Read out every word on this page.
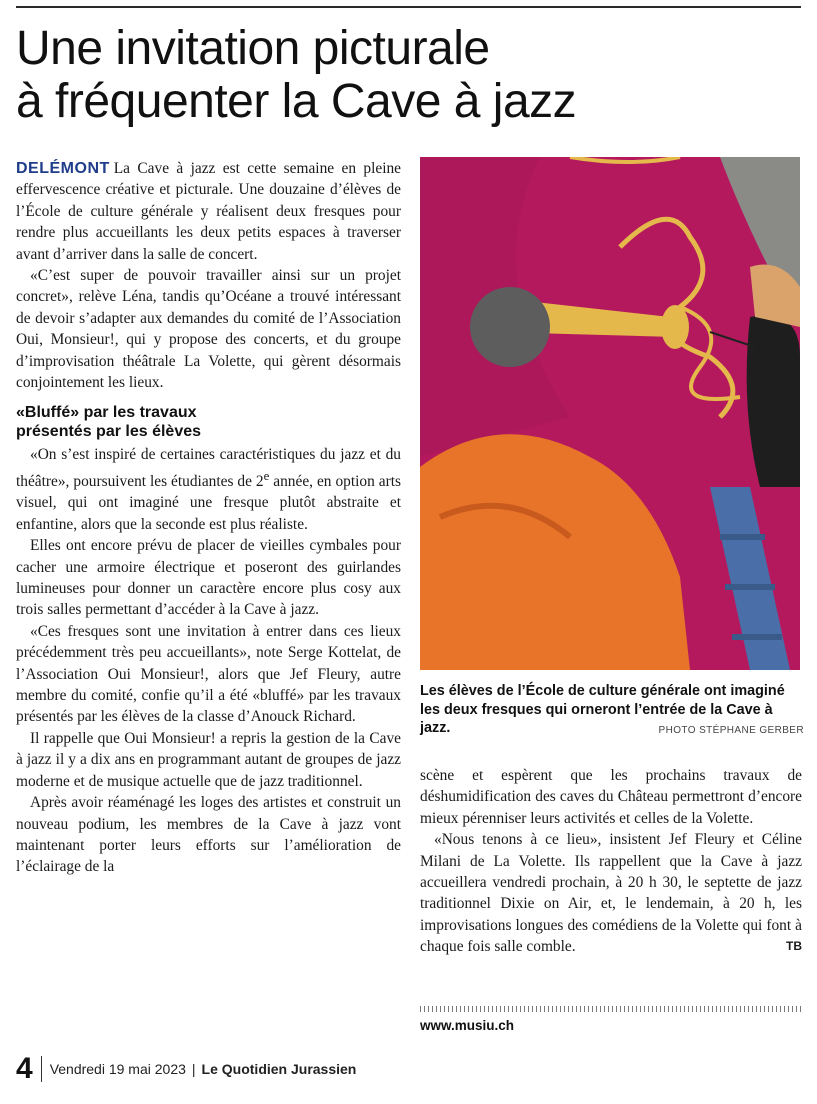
Une invitation picturale
à fréquenter la Cave à jazz

DELÉMONT La Cave à jazz est cette semaine en pleine effervescence créative et picturale. Une douzaine d’élèves de l’École de culture générale y réalisent deux fresques pour rendre plus accueillants les deux petits espaces à traverser avant d’arriver dans la salle de concert.

«C’est super de pouvoir travailler ainsi sur un projet concret», relève Léna, tandis qu’Océane a trouvé intéressant de devoir s’adapter aux demandes du comité de l’Association Oui, Monsieur!, qui y propose des concerts, et du groupe d’improvisation théâtrale La Volette, qui gèrent désormais conjointement les lieux.

«Bluffé» par les travaux
présentés par les élèves

«On s’est inspiré de certaines caractéristiques du jazz et du théâtre», poursuivent les étudiantes de 2e année, en option arts visuel, qui ont imaginé une fresque plutôt abstraite et enfantine, alors que la seconde est plus réaliste.

Elles ont encore prévu de placer de vieilles cymbales pour cacher une armoire électrique et poseront des guirlandes lumineuses pour donner un caractère encore plus cosy aux trois salles permettant d’accéder à la Cave à jazz.

«Ces fresques sont une invitation à entrer dans ces lieux précédemment très peu accueillants», note Serge Kottelat, de l’Association Oui Monsieur!, alors que Jef Fleury, autre membre du comité, confie qu’il a été «bluffé» par les travaux présentés par les élèves de la classe d’Anouck Richard.

Il rappelle que Oui Monsieur! a repris la gestion de la Cave à jazz il y a dix ans en programmant autant de groupes de jazz moderne et de musique actuelle que de jazz traditionnel.

Après avoir réaménagé les loges des artistes et construit un nouveau podium, les membres de la Cave à jazz vont maintenant porter leurs efforts sur l’amélioration de l’éclairage de la

Les élèves de l’École de culture générale ont imaginé les deux fresques qui orneront l’entrée de la Cave à jazz.	PHOTO STÉPHANE GERBER

scène et espèrent que les prochains travaux de déshumidification des caves du Château permettront d’encore mieux pérenniser leurs activités et celles de la Volette.

«Nous tenons à ce lieu», insistent Jef Fleury et Céline Milani de La Volette. Ils rappellent que la Cave à jazz accueillera vendredi prochain, à 20 h 30, le septette de jazz traditionnel Dixie on Air, et, le lendemain, à 20 h, les improvisations longues des comédiens de la Volette qui font à chaque fois salle comble.	TB

www.musiu.ch
4 Vendredi 19 mai 2023 | Le Quotidien Jurassien
